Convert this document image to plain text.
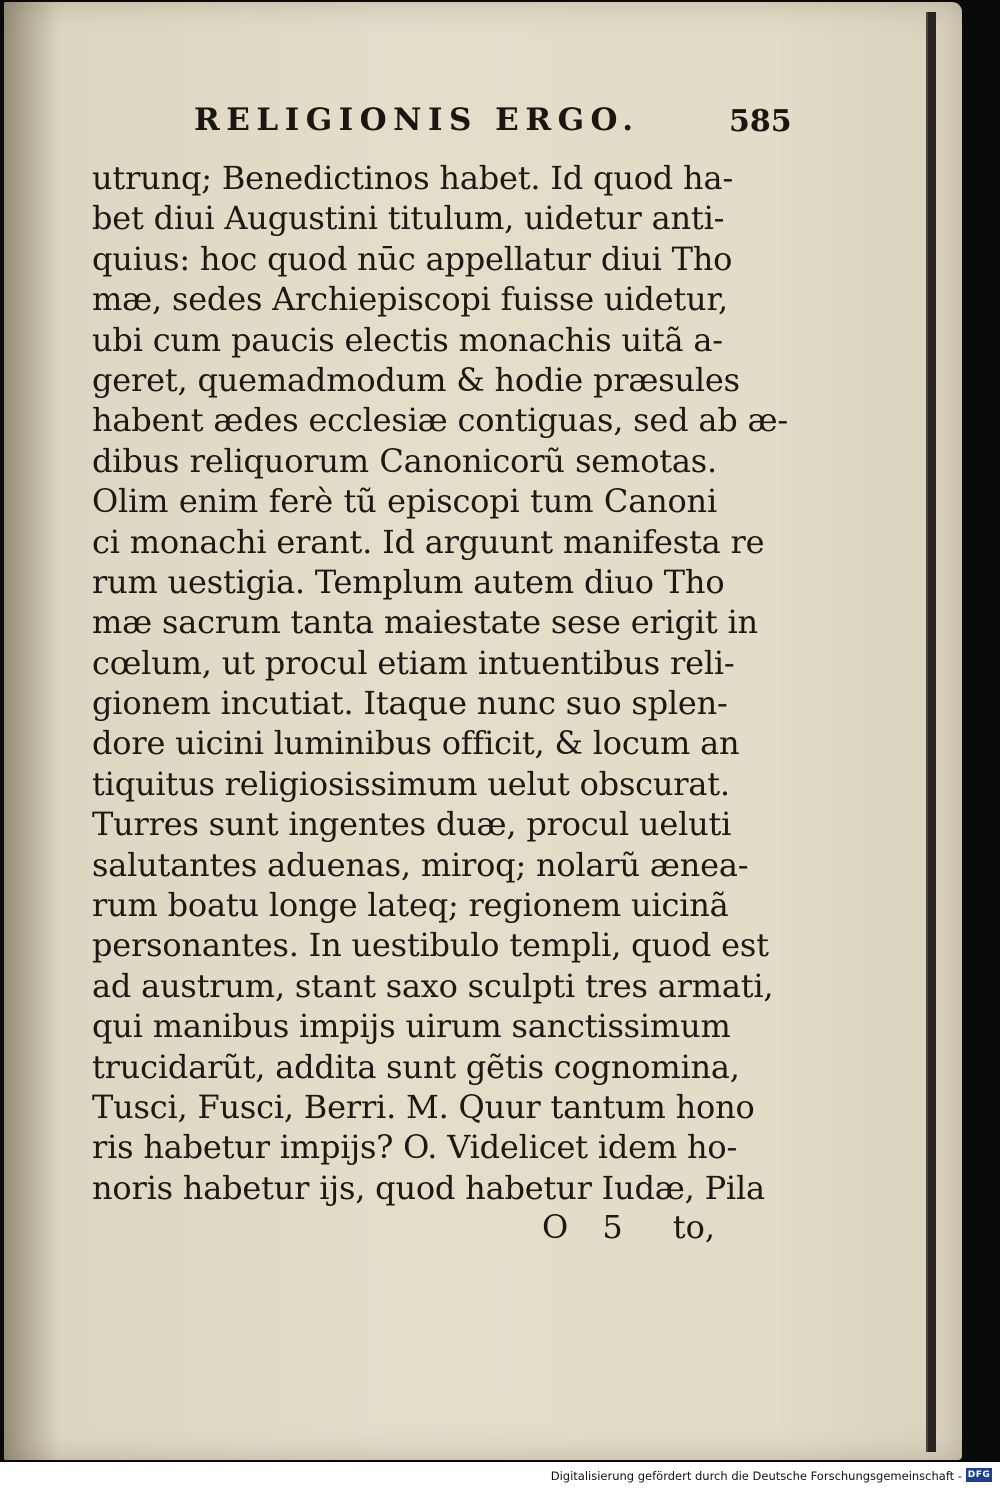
RELIGIONIS ERGO.	585
utrunq; Benedictinos habet. Id quod ha-
bet diui Augustini titulum, uidetur anti-
quius: hoc quod nūc appellatur diui Tho
mæ, sedes Archiepiscopi fuisse uidetur,
ubi cum paucis electis monachis uitã a-
geret, quemadmodum & hodie præsules
habent ædes ecclesiæ contiguas, sed ab æ-
dibus reliquorum Canonicorũ semotas.
Olim enim ferè tũ episcopi tum Canoni
ci monachi erant. Id arguunt manifesta re
rum uestigia. Templum autem diuo Tho
mæ sacrum tanta maiestate sese erigit in
cœlum, ut procul etiam intuentibus reli-
gionem incutiat. Itaque nunc suo splen-
dore uicini luminibus officit, & locum an
tiquitus religiosissimum uelut obscurat.
Turres sunt ingentes duæ, procul ueluti
salutantes aduenas, miroq; nolarũ ænea-
rum boatu longe lateq; regionem uicinã
personantes. In uestibulo templi, quod est
ad austrum, stant saxo sculpti tres armati,
qui manibus impijs uirum sanctissimum
trucidarũt, addita sunt gẽtis cognomina,
Tusci, Fusci, Berri. M. Quur tantum hono
ris habetur impijs? O. Videlicet idem ho-
noris habetur ijs, quod habetur Iudæ, Pila
O 5 to,
Digitalisierung gefördert durch die Deutsche Forschungsgemeinschaft - DFG
